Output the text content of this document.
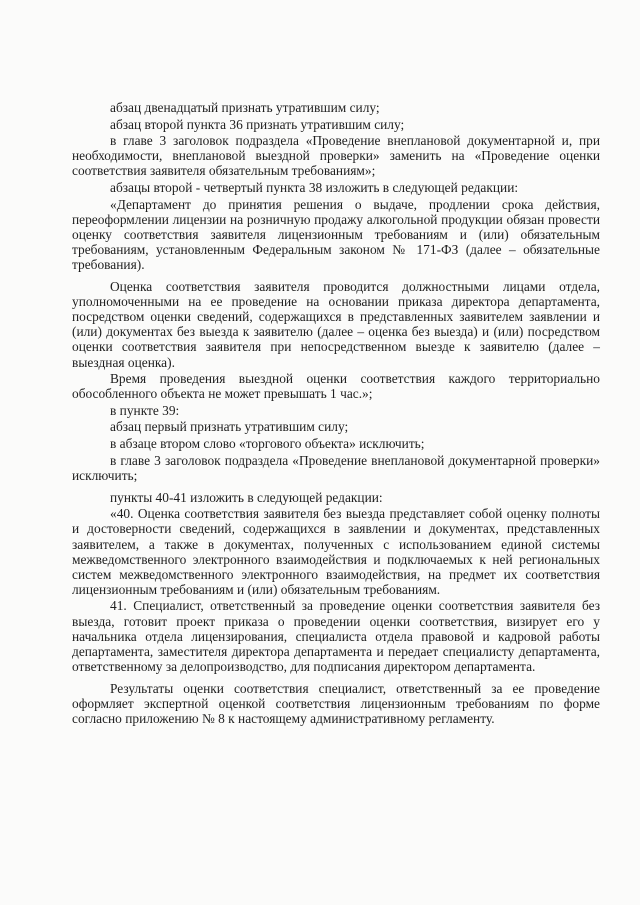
абзац двенадцатый признать утратившим силу;

абзац второй пункта 36 признать утратившим силу;

в главе 3 заголовок подраздела «Проведение внеплановой документарной и, при необходимости, внеплановой выездной проверки» заменить на «Проведение оценки соответствия заявителя обязательным требованиям»;

абзацы второй - четвертый пункта 38 изложить в следующей редакции:

«Департамент до принятия решения о выдаче, продлении срока действия, переоформлении лицензии на розничную продажу алкогольной продукции обязан провести оценку соответствия заявителя лицензионным требованиям и (или) обязательным требованиям, установленным Федеральным законом № 171-ФЗ (далее – обязательные требования).

Оценка соответствия заявителя проводится должностными лицами отдела, уполномоченными на ее проведение на основании приказа директора департамента, посредством оценки сведений, содержащихся в представленных заявителем заявлении и (или) документах без выезда к заявителю (далее – оценка без выезда) и (или) посредством оценки соответствия заявителя при непосредственном выезде к заявителю (далее – выездная оценка).

Время проведения выездной оценки соответствия каждого территориально обособленного объекта не может превышать 1 час.»;

в пункте 39:

абзац первый признать утратившим силу;

в абзаце втором слово «торгового объекта» исключить;

в главе 3 заголовок подраздела «Проведение внеплановой документарной проверки» исключить;

пункты 40-41 изложить в следующей редакции:

«40. Оценка соответствия заявителя без выезда представляет собой оценку полноты и достоверности сведений, содержащихся в заявлении и документах, представленных заявителем, а также в документах, полученных с использованием единой системы межведомственного электронного взаимодействия и подключаемых к ней региональных систем межведомственного электронного взаимодействия, на предмет их соответствия лицензионным требованиям и (или) обязательным требованиям.

41. Специалист, ответственный за проведение оценки соответствия заявителя без выезда, готовит проект приказа о проведении оценки соответствия, визирует его у начальника отдела лицензирования, специалиста отдела правовой и кадровой работы департамента, заместителя директора департамента и передает специалисту департамента, ответственному за делопроизводство, для подписания директором департамента.

Результаты оценки соответствия специалист, ответственный за ее проведение оформляет экспертной оценкой соответствия лицензионным требованиям по форме согласно приложению № 8 к настоящему административному регламенту.
